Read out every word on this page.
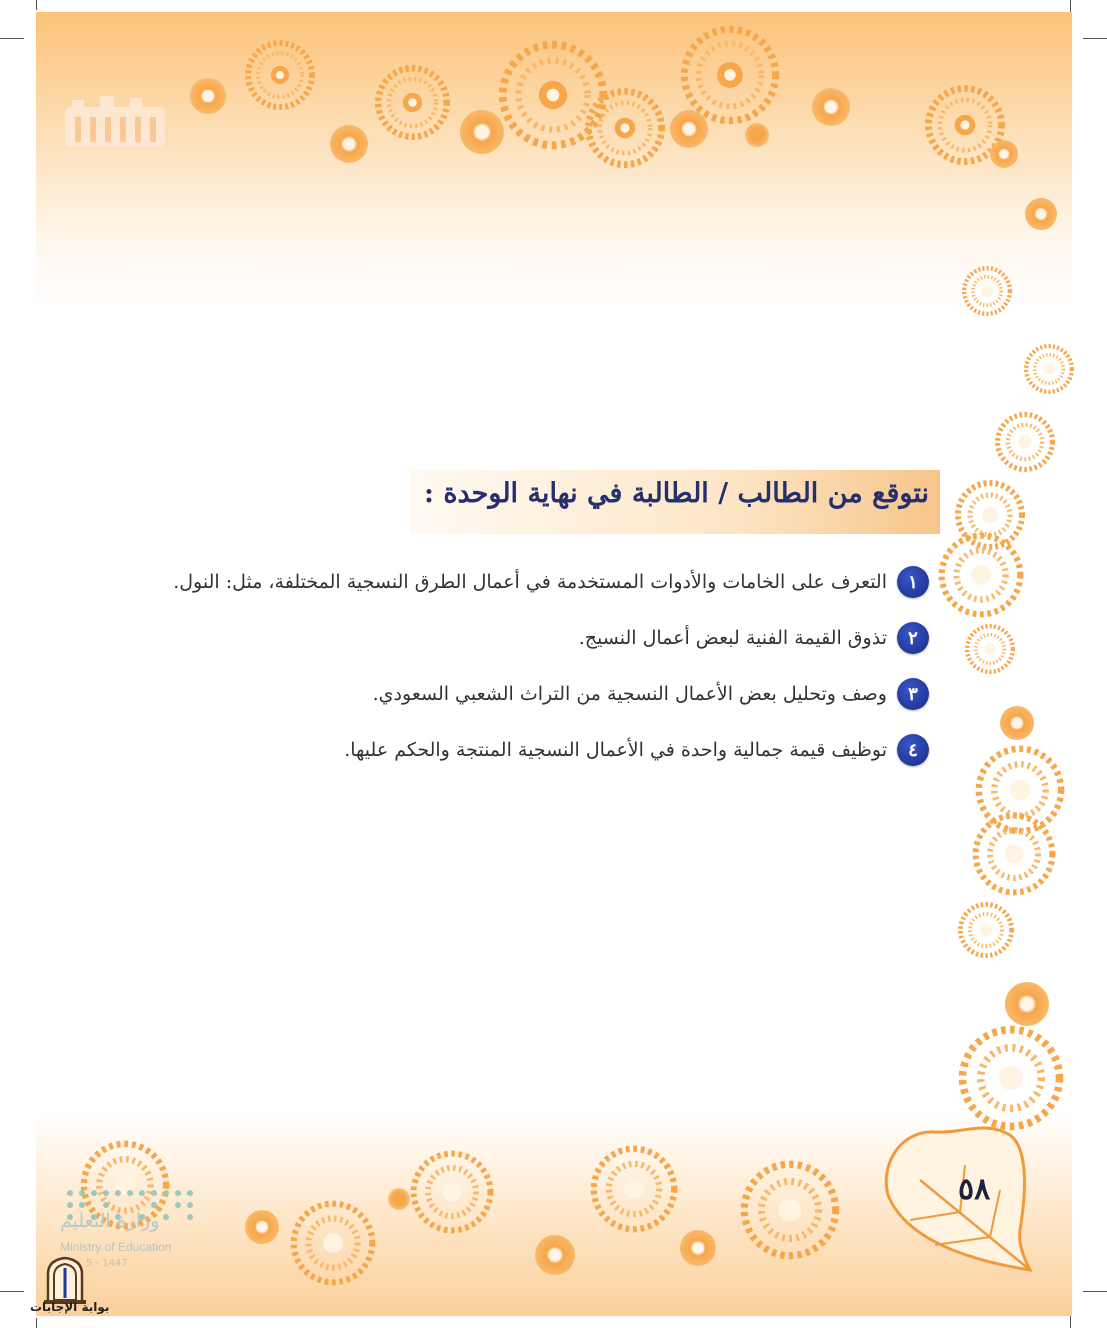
نتوقع من الطالب / الطالبة في نهاية الوحدة :
١
التعرف على الخامات والأدوات المستخدمة في أعمال الطرق النسجية المختلفة، مثل: النول.
٢
تذوق القيمة الفنية لبعض أعمال النسيج.
٣
وصف وتحليل بعض الأعمال النسجية من التراث الشعبي السعودي.
٤
توظيف قيمة جمالية واحدة في الأعمال النسجية المنتجة والحكم عليها.
٥٨
وزارة التعليم
Ministry of Education
5 - 1447
بوابة الإجابات
